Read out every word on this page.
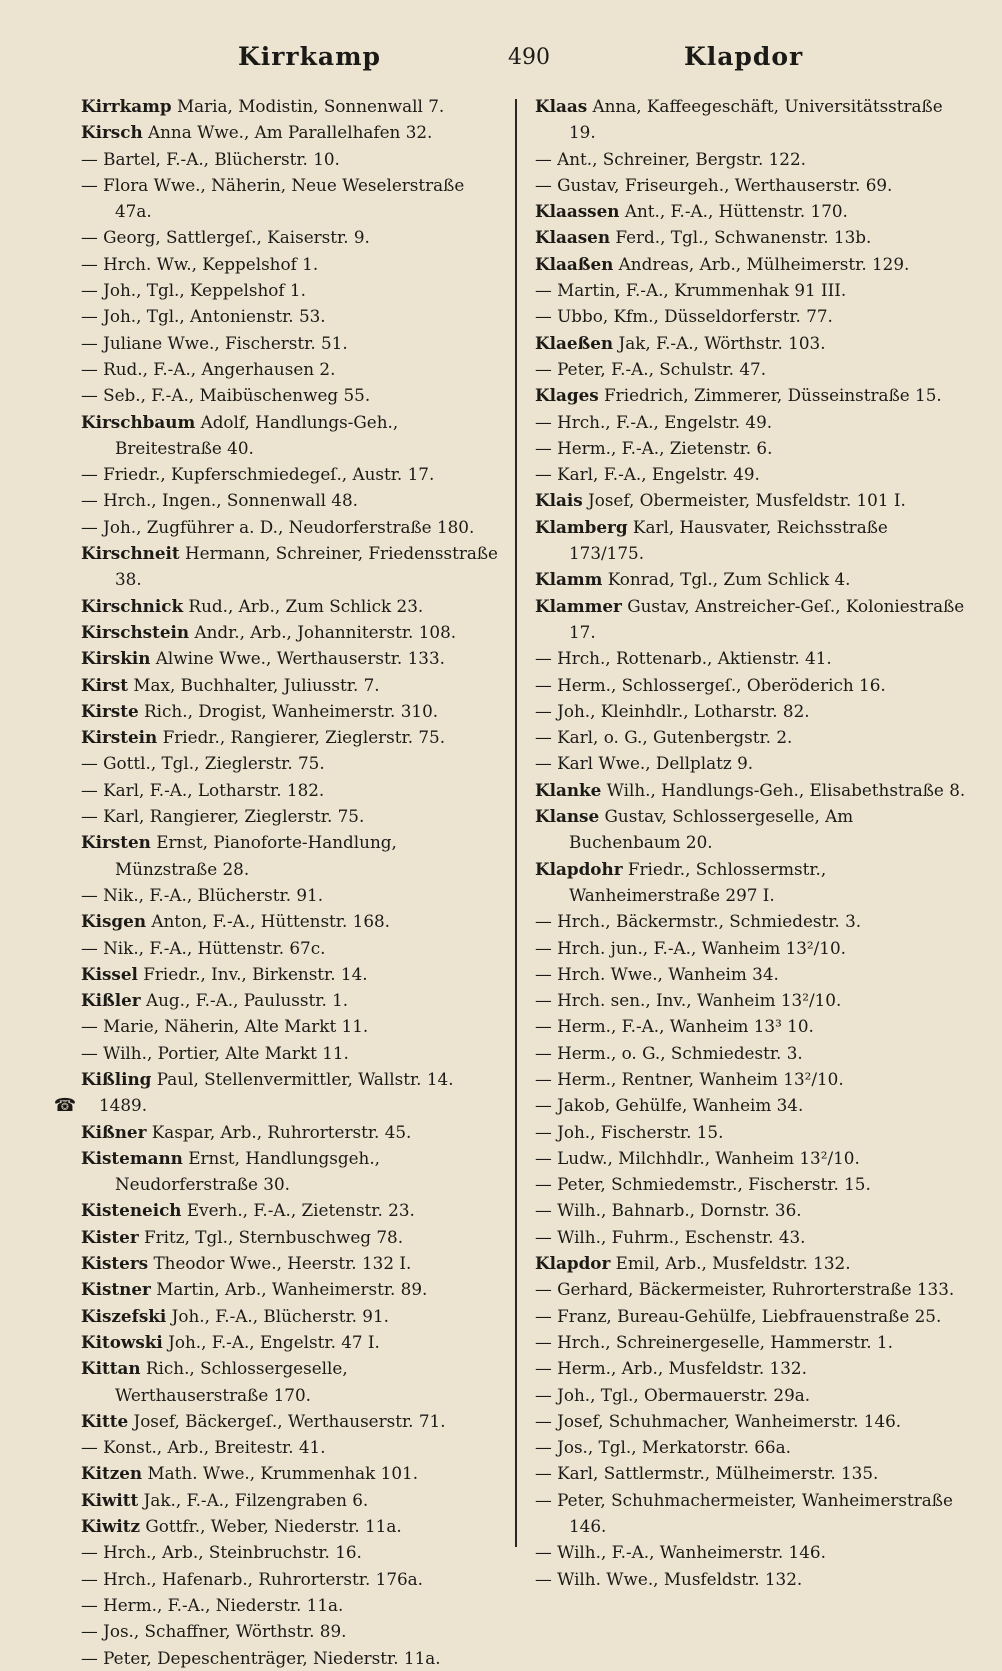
Kirrkamp	490	Klapdor

Kirrkamp Maria, Modistin, Sonnenwall 7.

Kirsch Anna Wwe., Am Parallelhafen 32.

— Bartel, F.-A., Blücherstr. 10.

— Flora Wwe., Näherin, Neue Weselerstraße 47a.

— Georg, Sattlergeſ., Kaiserstr. 9.

— Hrch. Ww., Keppelshof 1.

— Joh., Tgl., Keppelshof 1.

— Joh., Tgl., Antonienstr. 53.

— Juliane Wwe., Fischerstr. 51.

— Rud., F.-A., Angerhausen 2.

— Seb., F.-A., Maibüschenweg 55.

Kirschbaum Adolf, Handlungs-Geh., Breitestraße 40.

— Friedr., Kupferschmiedegeſ., Austr. 17.

— Hrch., Ingen., Sonnenwall 48.

— Joh., Zugführer a. D., Neudorferstraße 180.

Kirschneit Hermann, Schreiner, Friedensstraße 38.

Kirschnick Rud., Arb., Zum Schlick 23.

Kirschstein Andr., Arb., Johanniterstr. 108.

Kirskin Alwine Wwe., Werthauserstr. 133.

Kirst Max, Buchhalter, Juliusstr. 7.

Kirste Rich., Drogist, Wanheimerstr. 310.

Kirstein Friedr., Rangierer, Zieglerstr. 75.

— Gottl., Tgl., Zieglerstr. 75.

— Karl, F.-A., Lotharstr. 182.

— Karl, Rangierer, Zieglerstr. 75.

Kirsten Ernst, Pianoforte-Handlung, Münzstraße 28.

— Nik., F.-A., Blücherstr. 91.

Kisgen Anton, F.-A., Hüttenstr. 168.

— Nik., F.-A., Hüttenstr. 67c.

Kissel Friedr., Inv., Birkenstr. 14.

Kißler Aug., F.-A., Paulusstr. 1.

— Marie, Näherin, Alte Markt 11.

— Wilh., Portier, Alte Markt 11.

Kißling Paul, Stellenvermittler, Wallstr. 14.

☎ 1489.

Kißner Kaspar, Arb., Ruhrorterstr. 45.

Kistemann Ernst, Handlungsgeh., Neudorferstraße 30.

Kisteneich Everh., F.-A., Zietenstr. 23.

Kister Fritz, Tgl., Sternbuschweg 78.

Kisters Theodor Wwe., Heerstr. 132 I.

Kistner Martin, Arb., Wanheimerstr. 89.

Kiszefski Joh., F.-A., Blücherstr. 91.

Kitowski Joh., F.-A., Engelstr. 47 I.

Kittan Rich., Schlossergeselle, Werthauserstraße 170.

Kitte Josef, Bäckergeſ., Werthauserstr. 71.

— Konst., Arb., Breitestr. 41.

Kitzen Math. Wwe., Krummenhak 101.

Kiwitt Jak., F.-A., Filzengraben 6.

Kiwitz Gottfr., Weber, Niederstr. 11a.

— Hrch., Arb., Steinbruchstr. 16.

— Hrch., Hafenarb., Ruhrorterstr. 176a.

— Herm., F.-A., Niederstr. 11a.

— Jos., Schaffner, Wörthstr. 89.

— Peter, Depeschenträger, Niederstr. 11a.

Klaas Anna, Kaffeegeschäft, Universitätsstraße 19.

— Ant., Schreiner, Bergstr. 122.

— Gustav, Friseurgeh., Werthauserstr. 69.

Klaassen Ant., F.-A., Hüttenstr. 170.

Klaasen Ferd., Tgl., Schwanenstr. 13b.

Klaaßen Andreas, Arb., Mülheimerstr. 129.

— Martin, F.-A., Krummenhak 91 III.

— Ubbo, Kfm., Düsseldorferstr. 77.

Klaeßen Jak, F.-A., Wörthstr. 103.

— Peter, F.-A., Schulstr. 47.

Klages Friedrich, Zimmerer, Düsseinstraße 15.

— Hrch., F.-A., Engelstr. 49.

— Herm., F.-A., Zietenstr. 6.

— Karl, F.-A., Engelstr. 49.

Klais Josef, Obermeister, Musfeldstr. 101 I.

Klamberg Karl, Hausvater, Reichsstraße 173/175.

Klamm Konrad, Tgl., Zum Schlick 4.

Klammer Gustav, Anstreicher-Geſ., Koloniestraße 17.

— Hrch., Rottenarb., Aktienstr. 41.

— Herm., Schlossergeſ., Oberöderich 16.

— Joh., Kleinhdlr., Lotharstr. 82.

— Karl, o. G., Gutenbergstr. 2.

— Karl Wwe., Dellplatz 9.

Klanke Wilh., Handlungs-Geh., Elisabethstraße 8.

Klanse Gustav, Schlossergeselle, Am Buchenbaum 20.

Klapdohr Friedr., Schlossermstr., Wanheimerstraße 297 I.

— Hrch., Bäckermstr., Schmiedestr. 3.

— Hrch. jun., F.-A., Wanheim 13²/10.

— Hrch. Wwe., Wanheim 34.

— Hrch. sen., Inv., Wanheim 13²/10.

— Herm., F.-A., Wanheim 13³ 10.

— Herm., o. G., Schmiedestr. 3.

— Herm., Rentner, Wanheim 13²/10.

— Jakob, Gehülfe, Wanheim 34.

— Joh., Fischerstr. 15.

— Ludw., Milchhdlr., Wanheim 13²/10.

— Peter, Schmiedemstr., Fischerstr. 15.

— Wilh., Bahnarb., Dornstr. 36.

— Wilh., Fuhrm., Eschenstr. 43.

Klapdor Emil, Arb., Musfeldstr. 132.

— Gerhard, Bäckermeister, Ruhrorterstraße 133.

— Franz, Bureau-Gehülfe, Liebfrauenstraße 25.

— Hrch., Schreinergeselle, Hammerstr. 1.

— Herm., Arb., Musfeldstr. 132.

— Joh., Tgl., Obermauerstr. 29a.

— Josef, Schuhmacher, Wanheimerstr. 146.

— Jos., Tgl., Merkatorstr. 66a.

— Karl, Sattlermstr., Mülheimerstr. 135.

— Peter, Schuhmachermeister, Wanheimerstraße 146.

— Wilh., F.-A., Wanheimerstr. 146.

— Wilh. Wwe., Musfeldstr. 132.
